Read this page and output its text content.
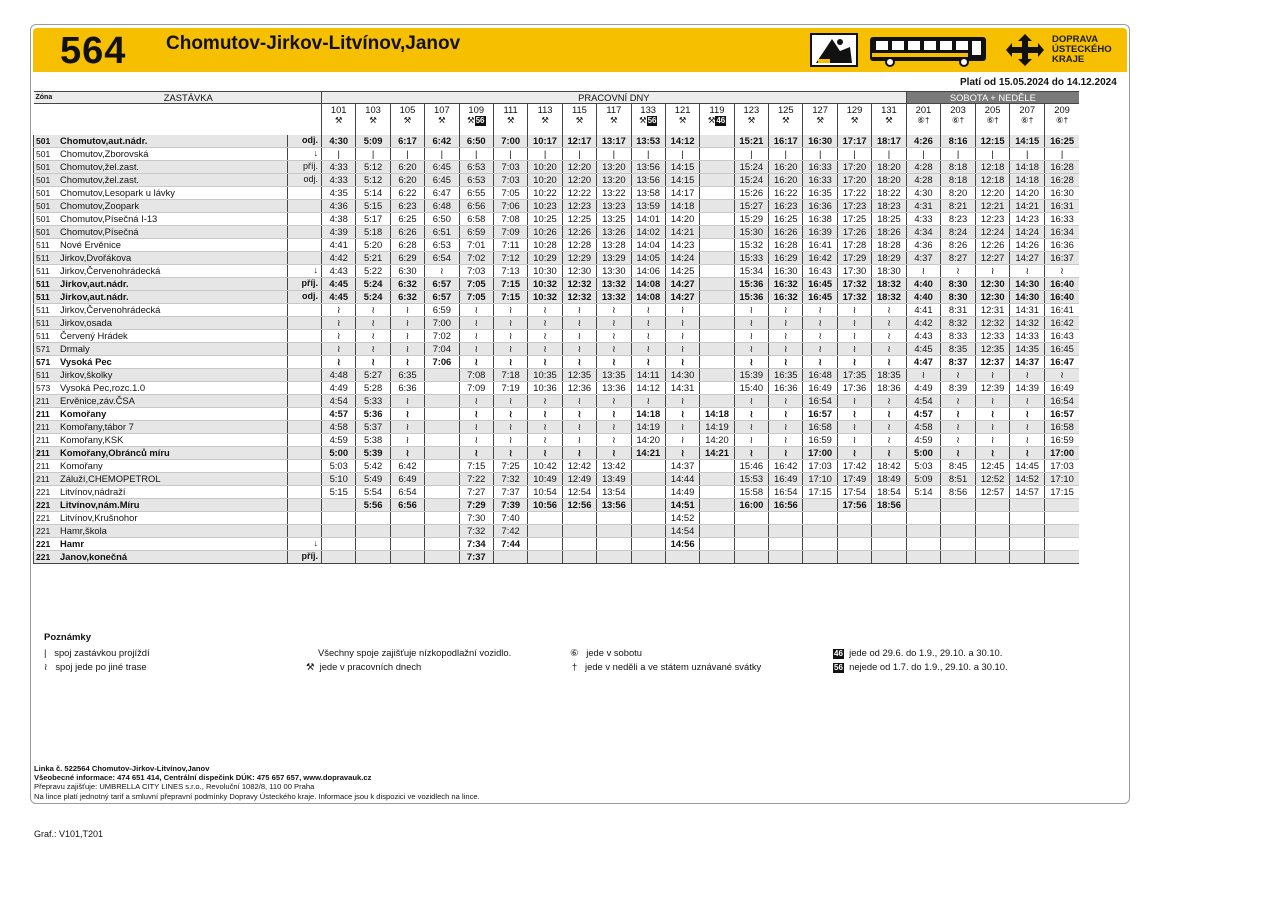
564 Chomutov-Jirkov-Litvínov,Janov	DOPRAVA
ÚSTECKÉHO
KRAJE
Platí od 15.05.2024 do 14.12.2024
Zóna	ZASTÁVKA		PRACOVNÍ DNY																	SOBOTA + NEDĚLE				
			101	103	105	107	109	111	113	115	117	133	121	119	123	125	127	129	131	201	203	205	207	209
			⚒	⚒	⚒	⚒	⚒56	⚒	⚒	⚒	⚒	⚒56	⚒	⚒46	⚒	⚒	⚒	⚒	⚒	⑥†	⑥†	⑥†	⑥†	⑥†

501 Chomutov,aut.nádr.		odj.	4:30	5:09	6:17	6:42	6:50	7:00	10:17	12:17	13:17	13:53	14:12		15:21	16:17	16:30	17:17	18:17	4:26	8:16	12:15	14:15	16:25
501 Chomutov,Zborovská		↓	|	|	|	|	|	|	|	|	|	|	|		|	|	|	|	|	|	|	|	|	|
501 Chomutov,žel.zast.		příj.	4:33	5:12	6:20	6:45	6:53	7:03	10:20	12:20	13:20	13:56	14:15		15:24	16:20	16:33	17:20	18:20	4:28	8:18	12:18	14:18	16:28
501 Chomutov,žel.zast.		odj.	4:33	5:12	6:20	6:45	6:53	7:03	10:20	12:20	13:20	13:56	14:15		15:24	16:20	16:33	17:20	18:20	4:28	8:18	12:18	14:18	16:28
501 Chomutov,Lesopark u lávky			4:35	5:14	6:22	6:47	6:55	7:05	10:22	12:22	13:22	13:58	14:17		15:26	16:22	16:35	17:22	18:22	4:30	8:20	12:20	14:20	16:30
501 Chomutov,Zoopark			4:36	5:15	6:23	6:48	6:56	7:06	10:23	12:23	13:23	13:59	14:18		15:27	16:23	16:36	17:23	18:23	4:31	8:21	12:21	14:21	16:31
501 Chomutov,Písečná I-13			4:38	5:17	6:25	6:50	6:58	7:08	10:25	12:25	13:25	14:01	14:20		15:29	16:25	16:38	17:25	18:25	4:33	8:23	12:23	14:23	16:33
501 Chomutov,Písečná			4:39	5:18	6:26	6:51	6:59	7:09	10:26	12:26	13:26	14:02	14:21		15:30	16:26	16:39	17:26	18:26	4:34	8:24	12:24	14:24	16:34
511 Nové Ervěnice			4:41	5:20	6:28	6:53	7:01	7:11	10:28	12:28	13:28	14:04	14:23		15:32	16:28	16:41	17:28	18:28	4:36	8:26	12:26	14:26	16:36
511 Jirkov,Dvořákova			4:42	5:21	6:29	6:54	7:02	7:12	10:29	12:29	13:29	14:05	14:24		15:33	16:29	16:42	17:29	18:29	4:37	8:27	12:27	14:27	16:37
511 Jirkov,Červenohrádecká		↓	4:43	5:22	6:30	≀	7:03	7:13	10:30	12:30	13:30	14:06	14:25		15:34	16:30	16:43	17:30	18:30	≀	≀	≀	≀	≀
511 Jirkov,aut.nádr.		příj.	4:45	5:24	6:32	6:57	7:05	7:15	10:32	12:32	13:32	14:08	14:27		15:36	16:32	16:45	17:32	18:32	4:40	8:30	12:30	14:30	16:40
511 Jirkov,aut.nádr.		odj.	4:45	5:24	6:32	6:57	7:05	7:15	10:32	12:32	13:32	14:08	14:27		15:36	16:32	16:45	17:32	18:32	4:40	8:30	12:30	14:30	16:40
511 Jirkov,Červenohrádecká			≀	≀	≀	6:59	≀	≀	≀	≀	≀	≀	≀		≀	≀	≀	≀	≀	4:41	8:31	12:31	14:31	16:41
511 Jirkov,osada			≀	≀	≀	7:00	≀	≀	≀	≀	≀	≀	≀		≀	≀	≀	≀	≀	4:42	8:32	12:32	14:32	16:42
511 Červený Hrádek			≀	≀	≀	7:02	≀	≀	≀	≀	≀	≀	≀		≀	≀	≀	≀	≀	4:43	8:33	12:33	14:33	16:43
571 Drmaly			≀	≀	≀	7:04	≀	≀	≀	≀	≀	≀	≀		≀	≀	≀	≀	≀	4:45	8:35	12:35	14:35	16:45
571 Vysoká Pec			≀	≀	≀	7:06	≀	≀	≀	≀	≀	≀	≀		≀	≀	≀	≀	≀	4:47	8:37	12:37	14:37	16:47
511 Jirkov,školky			4:48	5:27	6:35		7:08	7:18	10:35	12:35	13:35	14:11	14:30		15:39	16:35	16:48	17:35	18:35	≀	≀	≀	≀	≀
573 Vysoká Pec,rozc.1.0			4:49	5:28	6:36		7:09	7:19	10:36	12:36	13:36	14:12	14:31		15:40	16:36	16:49	17:36	18:36	4:49	8:39	12:39	14:39	16:49
211 Ervěnice,záv.ČSA			4:54	5:33	≀		≀	≀	≀	≀	≀	≀	≀		≀	≀	16:54	≀	≀	4:54	≀	≀	≀	16:54
211 Komořany			4:57	5:36	≀		≀	≀	≀	≀	≀	14:18	≀	14:18	≀	≀	16:57	≀	≀	4:57	≀	≀	≀	16:57
211 Komořany,tábor 7			4:58	5:37	≀		≀	≀	≀	≀	≀	14:19	≀	14:19	≀	≀	16:58	≀	≀	4:58	≀	≀	≀	16:58
211 Komořany,KSK			4:59	5:38	≀		≀	≀	≀	≀	≀	14:20	≀	14:20	≀	≀	16:59	≀	≀	4:59	≀	≀	≀	16:59
211 Komořany,Obránců míru			5:00	5:39	≀		≀	≀	≀	≀	≀	14:21	≀	14:21	≀	≀	17:00	≀	≀	5:00	≀	≀	≀	17:00
211 Komořany			5:03	5:42	6:42		7:15	7:25	10:42	12:42	13:42		14:37		15:46	16:42	17:03	17:42	18:42	5:03	8:45	12:45	14:45	17:03
211 Záluží,CHEMOPETROL			5:10	5:49	6:49		7:22	7:32	10:49	12:49	13:49		14:44		15:53	16:49	17:10	17:49	18:49	5:09	8:51	12:52	14:52	17:10
221 Litvínov,nádraží			5:15	5:54	6:54		7:27	7:37	10:54	12:54	13:54		14:49		15:58	16:54	17:15	17:54	18:54	5:14	8:56	12:57	14:57	17:15
221 Litvínov,nám.Míru				5:56	6:56		7:29	7:39	10:56	12:56	13:56		14:51		16:00	16:56		17:56	18:56					
221 Litvínov,Krušnohor							7:30	7:40					14:52											
221 Hamr,škola							7:32	7:42					14:54											
221 Hamr		↓					7:34	7:44					14:56											
221 Janov,konečná		příj.					7:37																	
Poznámky
| spoj zastávkou projíždí
≀ spoj jede po jiné trase
Všechny spoje zajišťuje nízkopodlažní vozidlo.
⚒ jede v pracovních dnech
⑥ jede v sobotu
† jede v neděli a ve státem uznávané svátky
46 jede od 29.6. do 1.9., 29.10. a 30.10.
56 nejede od 1.7. do 1.9., 29.10. a 30.10.
Linka č. 522564 Chomutov-Jirkov-Litvínov,Janov
Všeobecné informace: 474 651 414, Centrální dispečink DÚK: 475 657 657, www.dopravauk.cz
Přepravu zajišťuje: UMBRELLA CITY LINES s.r.o., Revoluční 1082/8, 110 00 Praha
Na lince platí jednotný tarif a smluvní přepravní podmínky Dopravy Ústeckého kraje. Informace jsou k dispozici ve vozidlech na lince.
Graf.: V101,T201
